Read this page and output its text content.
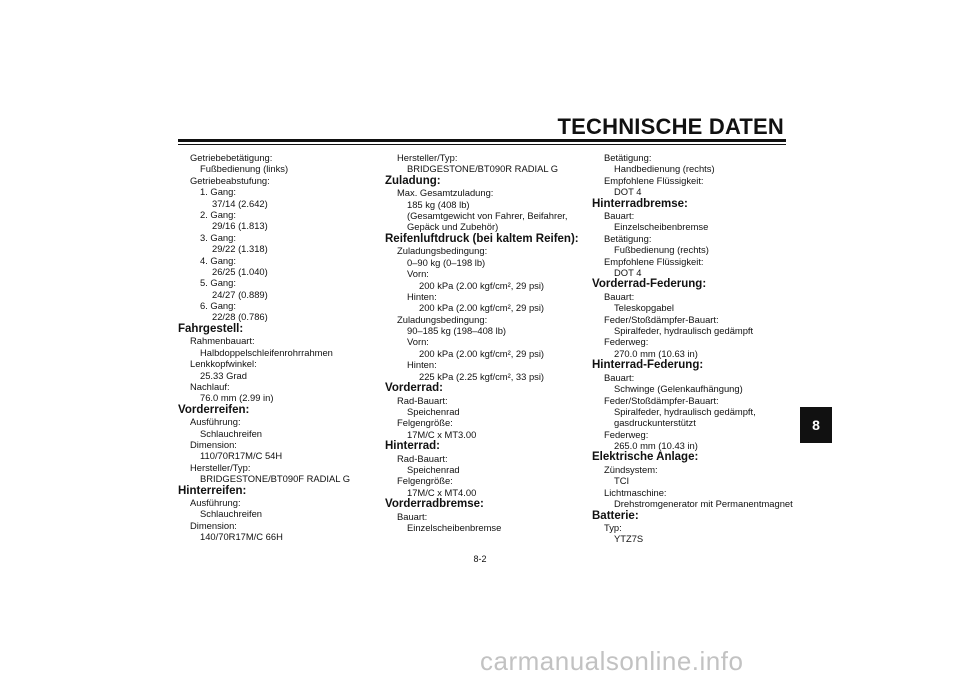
TECHNISCHE DATEN
Getriebebetätigung:
Fußbedienung (links)
Getriebeabstufung:
1. Gang:
37/14 (2.642)
2. Gang:
29/16 (1.813)
3. Gang:
29/22 (1.318)
4. Gang:
26/25 (1.040)
5. Gang:
24/27 (0.889)
6. Gang:
22/28 (0.786)
Fahrgestell:
Rahmenbauart:
Halbdoppelschleifenrohrrahmen
Lenkkopfwinkel:
25.33 Grad
Nachlauf:
76.0 mm (2.99 in)
Vorderreifen:
Ausführung:
Schlauchreifen
Dimension:
110/70R17M/C 54H
Hersteller/Typ:
BRIDGESTONE/BT090F RADIAL G
Hinterreifen:
Ausführung:
Schlauchreifen
Dimension:
140/70R17M/C 66H
Hersteller/Typ:
BRIDGESTONE/BT090R RADIAL G
Zuladung:
Max. Gesamtzuladung:
185 kg (408 lb)
(Gesamtgewicht von Fahrer, Beifahrer,
Gepäck und Zubehör)
Reifenluftdruck (bei kaltem Reifen):
Zuladungsbedingung:
0–90 kg (0–198 lb)
Vorn:
200 kPa (2.00 kgf/cm², 29 psi)
Hinten:
200 kPa (2.00 kgf/cm², 29 psi)
Zuladungsbedingung:
90–185 kg (198–408 lb)
Vorn:
200 kPa (2.00 kgf/cm², 29 psi)
Hinten:
225 kPa (2.25 kgf/cm², 33 psi)
Vorderrad:
Rad-Bauart:
Speichenrad
Felgengröße:
17M/C x MT3.00
Hinterrad:
Rad-Bauart:
Speichenrad
Felgengröße:
17M/C x MT4.00
Vorderradbremse:
Bauart:
Einzelscheibenbremse
Betätigung:
Handbedienung (rechts)
Empfohlene Flüssigkeit:
DOT 4
Hinterradbremse:
Bauart:
Einzelscheibenbremse
Betätigung:
Fußbedienung (rechts)
Empfohlene Flüssigkeit:
DOT 4
Vorderrad-Federung:
Bauart:
Teleskopgabel
Feder/Stoßdämpfer-Bauart:
Spiralfeder, hydraulisch gedämpft
Federweg:
270.0 mm (10.63 in)
Hinterrad-Federung:
Bauart:
Schwinge (Gelenkaufhängung)
Feder/Stoßdämpfer-Bauart:
Spiralfeder, hydraulisch gedämpft,
gasdruckunterstützt
Federweg:
265.0 mm (10.43 in)
Elektrische Anlage:
Zündsystem:
TCI
Lichtmaschine:
Drehstromgenerator mit Permanentmagnet
Batterie:
Typ:
YTZ7S
8
8-2
carmanualsonline.info
